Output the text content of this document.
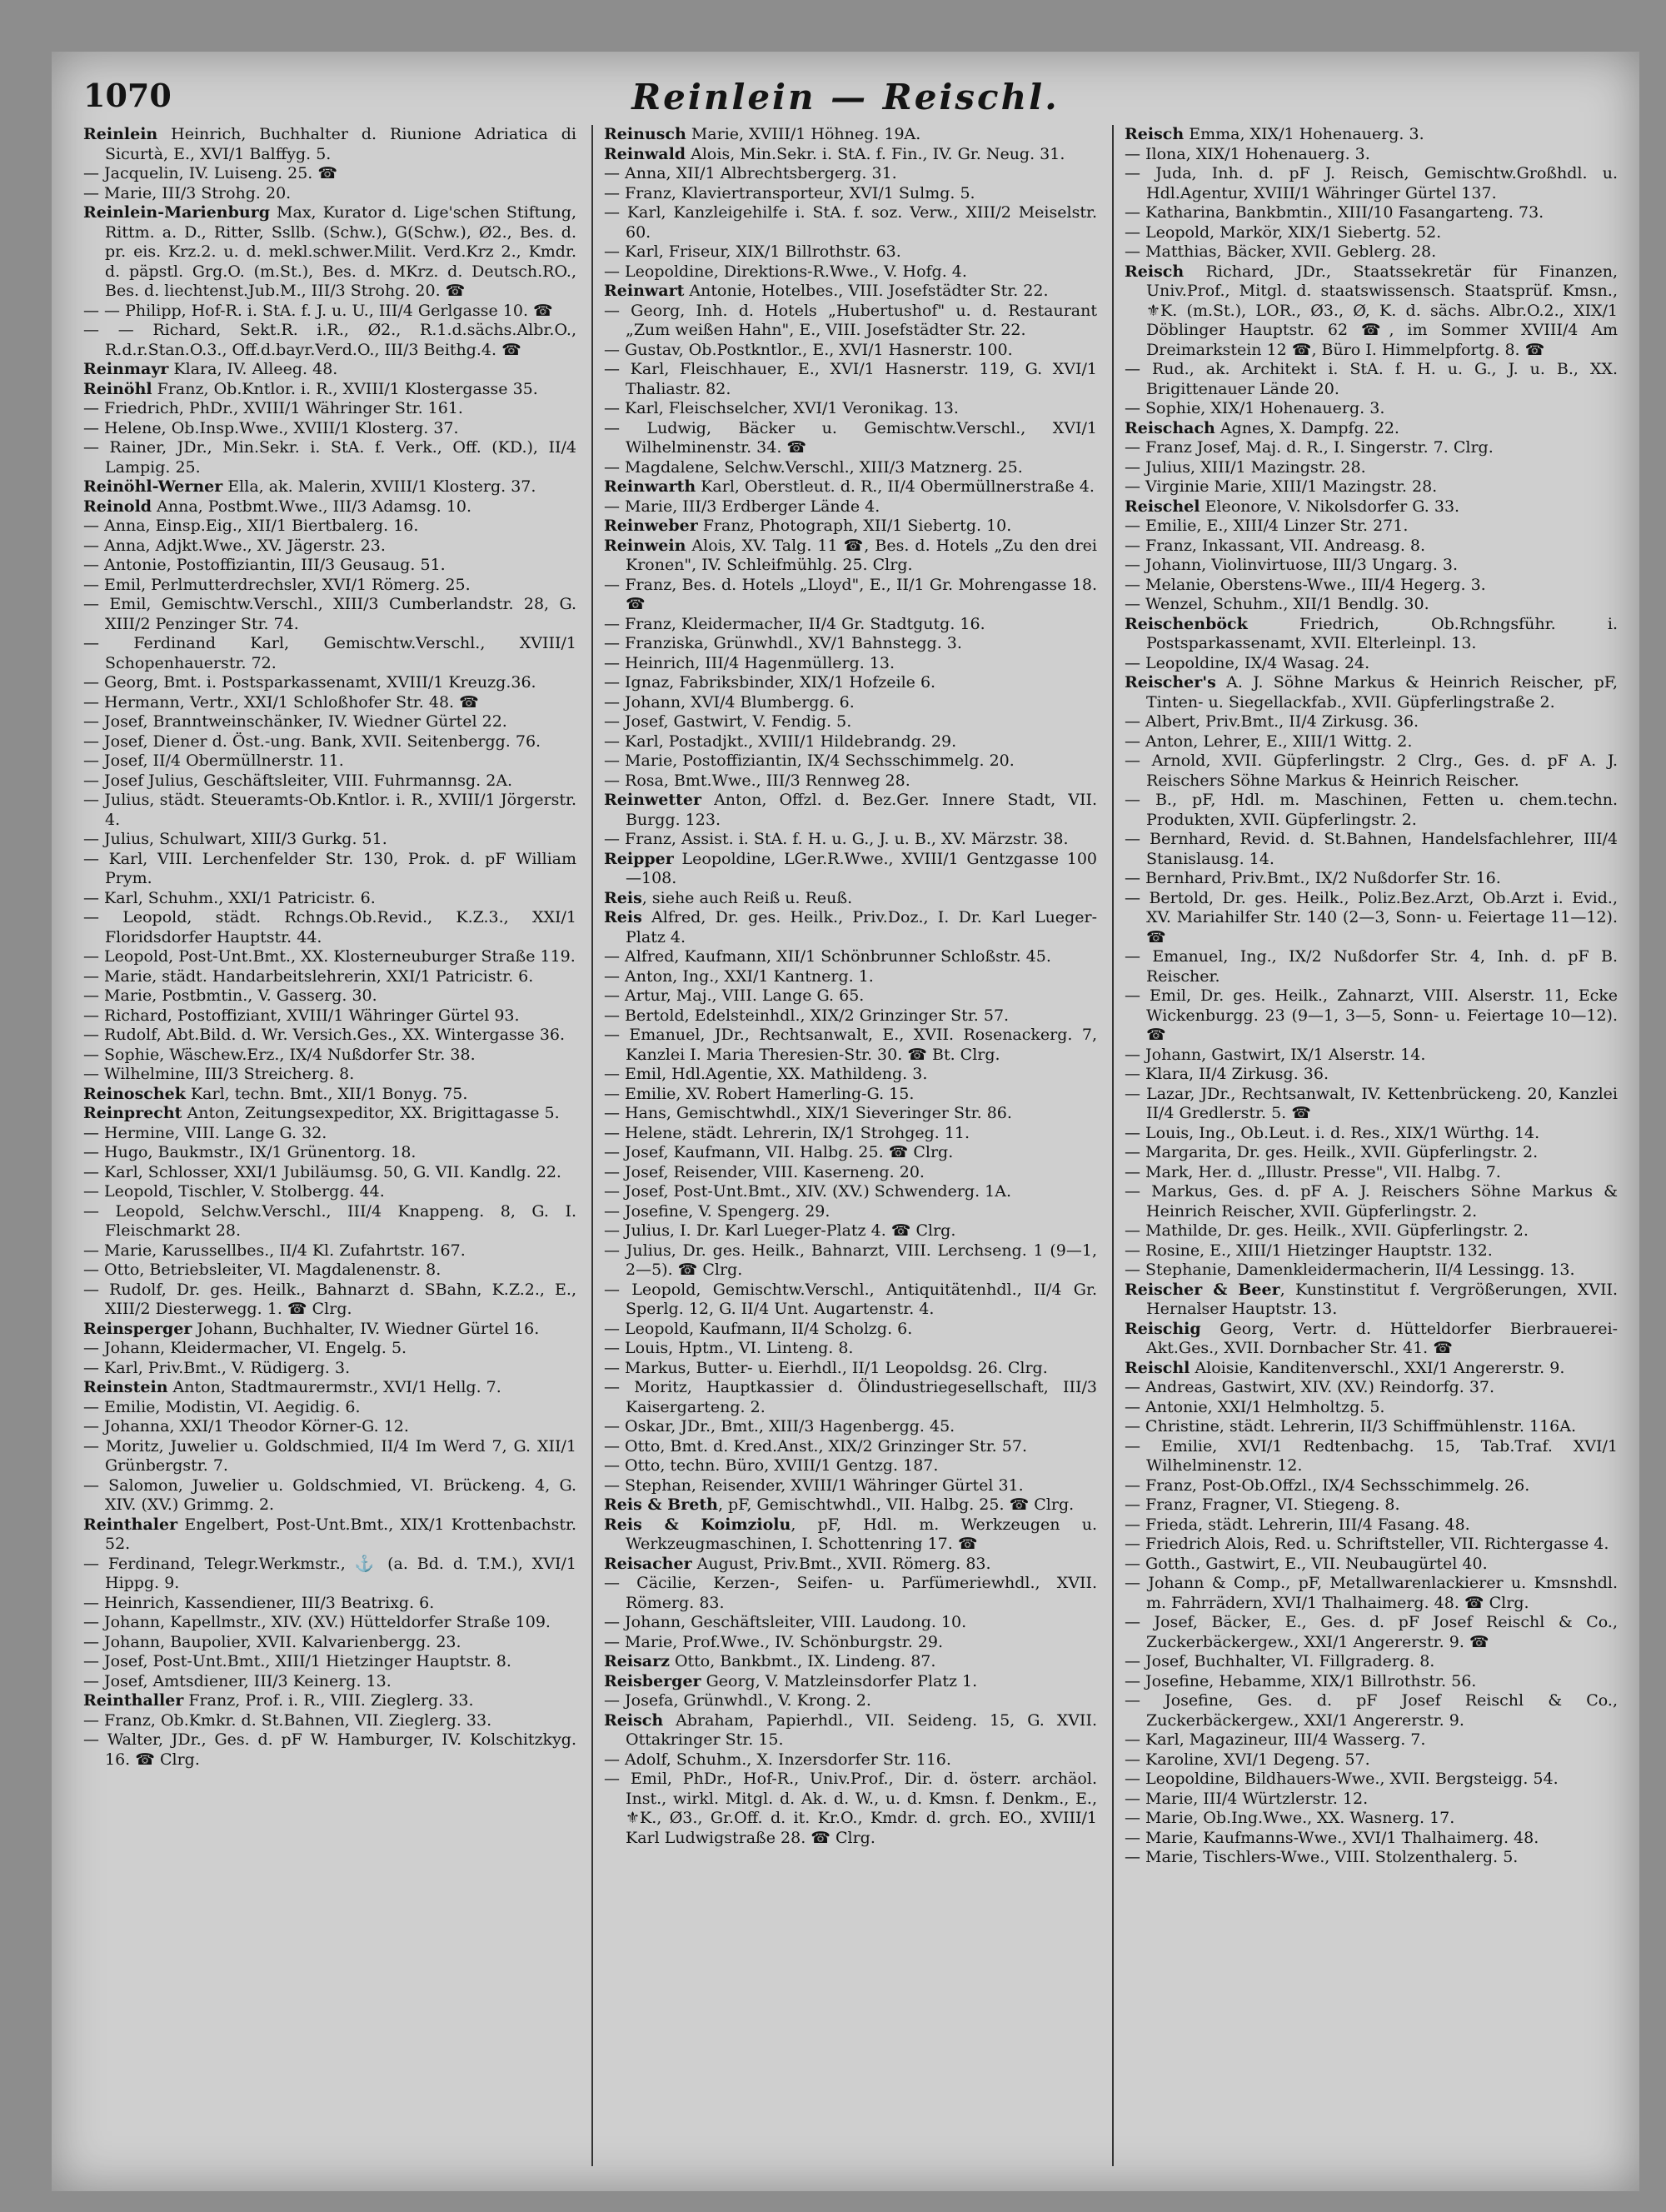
1070	Reinlein — Reischl.

Reinlein Heinrich, Buchhalter d. Riunione Adriatica di Sicurtà, E., XVI/1 Balffyg. 5.

— Jacquelin, IV. Luiseng. 25. ☎

— Marie, III/3 Strohg. 20.

Reinlein-Marienburg Max, Kurator d. Lige'schen Stiftung, Rittm. a. D., Ritter, Ssllb. (Schw.), G(Schw.), Ø2., Bes. d. pr. eis. Krz.2. u. d. mekl.schwer.Milit. Verd.Krz 2., Kmdr. d. päpstl. Grg.O. (m.St.), Bes. d. MKrz. d. Deutsch.RO., Bes. d. liechtenst.Jub.M., III/3 Strohg. 20. ☎

— — Philipp, Hof-R. i. StA. f. J. u. U., III/4 Gerlgasse 10. ☎

— — Richard, Sekt.R. i.R., Ø2., R.1.d.sächs.Albr.O., R.d.r.Stan.O.3., Off.d.bayr.Verd.O., III/3 Beithg.4. ☎

Reinmayr Klara, IV. Alleeg. 48.

Reinöhl Franz, Ob.Kntlor. i. R., XVIII/1 Klostergasse 35.

— Friedrich, PhDr., XVIII/1 Währinger Str. 161.

— Helene, Ob.Insp.Wwe., XVIII/1 Klosterg. 37.

— Rainer, JDr., Min.Sekr. i. StA. f. Verk., Off. (KD.), II/4 Lampig. 25.

Reinöhl-Werner Ella, ak. Malerin, XVIII/1 Klosterg. 37.

Reinold Anna, Postbmt.Wwe., III/3 Adamsg. 10.

— Anna, Einsp.Eig., XII/1 Biertbalerg. 16.

— Anna, Adjkt.Wwe., XV. Jägerstr. 23.

— Antonie, Postoffiziantin, III/3 Geusaug. 51.

— Emil, Perlmutterdrechsler, XVI/1 Römerg. 25.

— Emil, Gemischtw.Verschl., XIII/3 Cumberlandstr. 28, G. XIII/2 Penzinger Str. 74.

— Ferdinand Karl, Gemischtw.Verschl., XVIII/1 Schopenhauerstr. 72.

— Georg, Bmt. i. Postsparkassenamt, XVIII/1 Kreuzg.36.

— Hermann, Vertr., XXI/1 Schloßhofer Str. 48. ☎

— Josef, Branntweinschänker, IV. Wiedner Gürtel 22.

— Josef, Diener d. Öst.-ung. Bank, XVII. Seitenbergg. 76.

— Josef, II/4 Obermüllnerstr. 11.

— Josef Julius, Geschäftsleiter, VIII. Fuhrmannsg. 2A.

— Julius, städt. Steueramts-Ob.Kntlor. i. R., XVIII/1 Jörgerstr. 4.

— Julius, Schulwart, XIII/3 Gurkg. 51.

— Karl, VIII. Lerchenfelder Str. 130, Prok. d. pF William Prym.

— Karl, Schuhm., XXI/1 Patricistr. 6.

— Leopold, städt. Rchngs.Ob.Revid., K.Z.3., XXI/1 Floridsdorfer Hauptstr. 44.

— Leopold, Post-Unt.Bmt., XX. Klosterneuburger Straße 119.

— Marie, städt. Handarbeitslehrerin, XXI/1 Patricistr. 6.

— Marie, Postbmtin., V. Gasserg. 30.

— Richard, Postoffiziant, XVIII/1 Währinger Gürtel 93.

— Rudolf, Abt.Bild. d. Wr. Versich.Ges., XX. Wintergasse 36.

— Sophie, Wäschew.Erz., IX/4 Nußdorfer Str. 38.

— Wilhelmine, III/3 Streicherg. 8.

Reinoschek Karl, techn. Bmt., XII/1 Bonyg. 75.

Reinprecht Anton, Zeitungsexpeditor, XX. Brigittagasse 5.

— Hermine, VIII. Lange G. 32.

— Hugo, Baukmstr., IX/1 Grünentorg. 18.

— Karl, Schlosser, XXI/1 Jubiläumsg. 50, G. VII. Kandlg. 22.

— Leopold, Tischler, V. Stolbergg. 44.

— Leopold, Selchw.Verschl., III/4 Knappeng. 8, G. I. Fleischmarkt 28.

— Marie, Karussellbes., II/4 Kl. Zufahrtstr. 167.

— Otto, Betriebsleiter, VI. Magdalenenstr. 8.

— Rudolf, Dr. ges. Heilk., Bahnarzt d. SBahn, K.Z.2., E., XIII/2 Diesterwegg. 1. ☎ Clrg.

Reinsperger Johann, Buchhalter, IV. Wiedner Gürtel 16.

— Johann, Kleidermacher, VI. Engelg. 5.

— Karl, Priv.Bmt., V. Rüdigerg. 3.

Reinstein Anton, Stadtmaurermstr., XVI/1 Hellg. 7.

— Emilie, Modistin, VI. Aegidig. 6.

— Johanna, XXI/1 Theodor Körner-G. 12.

— Moritz, Juwelier u. Goldschmied, II/4 Im Werd 7, G. XII/1 Grünbergstr. 7.

— Salomon, Juwelier u. Goldschmied, VI. Brückeng. 4, G. XIV. (XV.) Grimmg. 2.

Reinthaler Engelbert, Post-Unt.Bmt., XIX/1 Krottenbachstr. 52.

— Ferdinand, Telegr.Werkmstr., ⚓ (a. Bd. d. T.M.), XVI/1 Hippg. 9.

— Heinrich, Kassendiener, III/3 Beatrixg. 6.

— Johann, Kapellmstr., XIV. (XV.) Hütteldorfer Straße 109.

— Johann, Baupolier, XVII. Kalvarienbergg. 23.

— Josef, Post-Unt.Bmt., XIII/1 Hietzinger Hauptstr. 8.

— Josef, Amtsdiener, III/3 Keinerg. 13.

Reinthaller Franz, Prof. i. R., VIII. Zieglerg. 33.

— Franz, Ob.Kmkr. d. St.Bahnen, VII. Zieglerg. 33.

— Walter, JDr., Ges. d. pF W. Hamburger, IV. Kolschitzkyg. 16. ☎ Clrg.

Reinusch Marie, XVIII/1 Höhneg. 19A.

Reinwald Alois, Min.Sekr. i. StA. f. Fin., IV. Gr. Neug. 31.

— Anna, XII/1 Albrechtsbergerg. 31.

— Franz, Klaviertransporteur, XVI/1 Sulmg. 5.

— Karl, Kanzleigehilfe i. StA. f. soz. Verw., XIII/2 Meiselstr. 60.

— Karl, Friseur, XIX/1 Billrothstr. 63.

— Leopoldine, Direktions-R.Wwe., V. Hofg. 4.

Reinwart Antonie, Hotelbes., VIII. Josefstädter Str. 22.

— Georg, Inh. d. Hotels „Hubertushof" u. d. Restaurant „Zum weißen Hahn", E., VIII. Josefstädter Str. 22.

— Gustav, Ob.Postkntlor., E., XVI/1 Hasnerstr. 100.

— Karl, Fleischhauer, E., XVI/1 Hasnerstr. 119, G. XVI/1 Thaliastr. 82.

— Karl, Fleischselcher, XVI/1 Veronikag. 13.

— Ludwig, Bäcker u. Gemischtw.Verschl., XVI/1 Wilhelminenstr. 34. ☎

— Magdalene, Selchw.Verschl., XIII/3 Matznerg. 25.

Reinwarth Karl, Oberstleut. d. R., II/4 Obermüllnerstraße 4.

— Marie, III/3 Erdberger Lände 4.

Reinweber Franz, Photograph, XII/1 Siebertg. 10.

Reinwein Alois, XV. Talg. 11 ☎, Bes. d. Hotels „Zu den drei Kronen", IV. Schleifmühlg. 25. Clrg.

— Franz, Bes. d. Hotels „Lloyd", E., II/1 Gr. Mohrengasse 18. ☎

— Franz, Kleidermacher, II/4 Gr. Stadtgutg. 16.

— Franziska, Grünwhdl., XV/1 Bahnstegg. 3.

— Heinrich, III/4 Hagenmüllerg. 13.

— Ignaz, Fabriksbinder, XIX/1 Hofzeile 6.

— Johann, XVI/4 Blumbergg. 6.

— Josef, Gastwirt, V. Fendig. 5.

— Karl, Postadjkt., XVIII/1 Hildebrandg. 29.

— Marie, Postoffiziantin, IX/4 Sechsschimmelg. 20.

— Rosa, Bmt.Wwe., III/3 Rennweg 28.

Reinwetter Anton, Offzl. d. Bez.Ger. Innere Stadt, VII. Burgg. 123.

— Franz, Assist. i. StA. f. H. u. G., J. u. B., XV. Märzstr. 38.

Reipper Leopoldine, LGer.R.Wwe., XVIII/1 Gentzgasse 100—108.

Reis, siehe auch Reiß u. Reuß.

Reis Alfred, Dr. ges. Heilk., Priv.Doz., I. Dr. Karl Lueger-Platz 4.

— Alfred, Kaufmann, XII/1 Schönbrunner Schloßstr. 45.

— Anton, Ing., XXI/1 Kantnerg. 1.

— Artur, Maj., VIII. Lange G. 65.

— Bertold, Edelsteinhdl., XIX/2 Grinzinger Str. 57.

— Emanuel, JDr., Rechtsanwalt, E., XVII. Rosenackerg. 7, Kanzlei I. Maria Theresien-Str. 30. ☎ Bt. Clrg.

— Emil, Hdl.Agentie, XX. Mathildeng. 3.

— Emilie, XV. Robert Hamerling-G. 15.

— Hans, Gemischtwhdl., XIX/1 Sieveringer Str. 86.

— Helene, städt. Lehrerin, IX/1 Strohgeg. 11.

— Josef, Kaufmann, VII. Halbg. 25. ☎ Clrg.

— Josef, Reisender, VIII. Kaserneng. 20.

— Josef, Post-Unt.Bmt., XIV. (XV.) Schwenderg. 1A.

— Josefine, V. Spengerg. 29.

— Julius, I. Dr. Karl Lueger-Platz 4. ☎ Clrg.

— Julius, Dr. ges. Heilk., Bahnarzt, VIII. Lerchseng. 1 (9—1, 2—5). ☎ Clrg.

— Leopold, Gemischtw.Verschl., Antiquitätenhdl., II/4 Gr. Sperlg. 12, G. II/4 Unt. Augartenstr. 4.

— Leopold, Kaufmann, II/4 Scholzg. 6.

— Louis, Hptm., VI. Linteng. 8.

— Markus, Butter- u. Eierhdl., II/1 Leopoldsg. 26. Clrg.

— Moritz, Hauptkassier d. Ölindustriegesellschaft, III/3 Kaisergarteng. 2.

— Oskar, JDr., Bmt., XIII/3 Hagenbergg. 45.

— Otto, Bmt. d. Kred.Anst., XIX/2 Grinzinger Str. 57.

— Otto, techn. Büro, XVIII/1 Gentzg. 187.

— Stephan, Reisender, XVIII/1 Währinger Gürtel 31.

Reis & Breth, pF, Gemischtwhdl., VII. Halbg. 25. ☎ Clrg.

Reis & Koimziolu, pF, Hdl. m. Werkzeugen u. Werkzeugmaschinen, I. Schottenring 17. ☎

Reisacher August, Priv.Bmt., XVII. Römerg. 83.

— Cäcilie, Kerzen-, Seifen- u. Parfümeriewhdl., XVII. Römerg. 83.

— Johann, Geschäftsleiter, VIII. Laudong. 10.

— Marie, Prof.Wwe., IV. Schönburgstr. 29.

Reisarz Otto, Bankbmt., IX. Lindeng. 87.

Reisberger Georg, V. Matzleinsdorfer Platz 1.

— Josefa, Grünwhdl., V. Krong. 2.

Reisch Abraham, Papierhdl., VII. Seideng. 15, G. XVII. Ottakringer Str. 15.

— Adolf, Schuhm., X. Inzersdorfer Str. 116.

— Emil, PhDr., Hof-R., Univ.Prof., Dir. d. österr. archäol. Inst., wirkl. Mitgl. d. Ak. d. W., u. d. Kmsn. f. Denkm., E., ⚜K., Ø3., Gr.Off. d. it. Kr.O., Kmdr. d. grch. EO., XVIII/1 Karl Ludwigstraße 28. ☎ Clrg.

Reisch Emma, XIX/1 Hohenauerg. 3.

— Ilona, XIX/1 Hohenauerg. 3.

— Juda, Inh. d. pF J. Reisch, Gemischtw.Großhdl. u. Hdl.Agentur, XVIII/1 Währinger Gürtel 137.

— Katharina, Bankbmtin., XIII/10 Fasangarteng. 73.

— Leopold, Markör, XIX/1 Siebertg. 52.

— Matthias, Bäcker, XVII. Geblerg. 28.

Reisch Richard, JDr., Staatssekretär für Finanzen, Univ.Prof., Mitgl. d. staatswissensch. Staatsprüf. Kmsn., ⚜K. (m.St.), LOR., Ø3., Ø, K. d. sächs. Albr.O.2., XIX/1 Döblinger Hauptstr. 62 ☎, im Sommer XVIII/4 Am Dreimarkstein 12 ☎, Büro I. Himmelpfortg. 8. ☎

— Rud., ak. Architekt i. StA. f. H. u. G., J. u. B., XX. Brigittenauer Lände 20.

— Sophie, XIX/1 Hohenauerg. 3.

Reischach Agnes, X. Dampfg. 22.

— Franz Josef, Maj. d. R., I. Singerstr. 7. Clrg.

— Julius, XIII/1 Mazingstr. 28.

— Virginie Marie, XIII/1 Mazingstr. 28.

Reischel Eleonore, V. Nikolsdorfer G. 33.

— Emilie, E., XIII/4 Linzer Str. 271.

— Franz, Inkassant, VII. Andreasg. 8.

— Johann, Violinvirtuose, III/3 Ungarg. 3.

— Melanie, Oberstens-Wwe., III/4 Hegerg. 3.

— Wenzel, Schuhm., XII/1 Bendlg. 30.

Reischenböck Friedrich, Ob.Rchngsführ. i. Postsparkassenamt, XVII. Elterleinpl. 13.

— Leopoldine, IX/4 Wasag. 24.

Reischer's A. J. Söhne Markus & Heinrich Reischer, pF, Tinten- u. Siegellackfab., XVII. Güpferlingstraße 2.

— Albert, Priv.Bmt., II/4 Zirkusg. 36.

— Anton, Lehrer, E., XIII/1 Wittg. 2.

— Arnold, XVII. Güpferlingstr. 2 Clrg., Ges. d. pF A. J. Reischers Söhne Markus & Heinrich Reischer.

— B., pF, Hdl. m. Maschinen, Fetten u. chem.techn. Produkten, XVII. Güpferlingstr. 2.

— Bernhard, Revid. d. St.Bahnen, Handelsfachlehrer, III/4 Stanislausg. 14.

— Bernhard, Priv.Bmt., IX/2 Nußdorfer Str. 16.

— Bertold, Dr. ges. Heilk., Poliz.Bez.Arzt, Ob.Arzt i. Evid., XV. Mariahilfer Str. 140 (2—3, Sonn- u. Feiertage 11—12). ☎

— Emanuel, Ing., IX/2 Nußdorfer Str. 4, Inh. d. pF B. Reischer.

— Emil, Dr. ges. Heilk., Zahnarzt, VIII. Alserstr. 11, Ecke Wickenburgg. 23 (9—1, 3—5, Sonn- u. Feiertage 10—12). ☎

— Johann, Gastwirt, IX/1 Alserstr. 14.

— Klara, II/4 Zirkusg. 36.

— Lazar, JDr., Rechtsanwalt, IV. Kettenbrückeng. 20, Kanzlei II/4 Gredlerstr. 5. ☎

— Louis, Ing., Ob.Leut. i. d. Res., XIX/1 Würthg. 14.

— Margarita, Dr. ges. Heilk., XVII. Güpferlingstr. 2.

— Mark, Her. d. „Illustr. Presse", VII. Halbg. 7.

— Markus, Ges. d. pF A. J. Reischers Söhne Markus & Heinrich Reischer, XVII. Güpferlingstr. 2.

— Mathilde, Dr. ges. Heilk., XVII. Güpferlingstr. 2.

— Rosine, E., XIII/1 Hietzinger Hauptstr. 132.

— Stephanie, Damenkleidermacherin, II/4 Lessingg. 13.

Reischer & Beer, Kunstinstitut f. Vergrößerungen, XVII. Hernalser Hauptstr. 13.

Reischig Georg, Vertr. d. Hütteldorfer Bierbrauerei-Akt.Ges., XVII. Dornbacher Str. 41. ☎

Reischl Aloisie, Kanditenverschl., XXI/1 Angererstr. 9.

— Andreas, Gastwirt, XIV. (XV.) Reindorfg. 37.

— Antonie, XXI/1 Helmholtzg. 5.

— Christine, städt. Lehrerin, II/3 Schiffmühlenstr. 116A.

— Emilie, XVI/1 Redtenbachg. 15, Tab.Traf. XVI/1 Wilhelminenstr. 12.

— Franz, Post-Ob.Offzl., IX/4 Sechsschimmelg. 26.

— Franz, Fragner, VI. Stiegeng. 8.

— Frieda, städt. Lehrerin, III/4 Fasang. 48.

— Friedrich Alois, Red. u. Schriftsteller, VII. Richtergasse 4.

— Gotth., Gastwirt, E., VII. Neubaugürtel 40.

— Johann & Comp., pF, Metallwarenlackierer u. Kmsnshdl. m. Fahrrädern, XVI/1 Thalhaimerg. 48. ☎ Clrg.

— Josef, Bäcker, E., Ges. d. pF Josef Reischl & Co., Zuckerbäckergew., XXI/1 Angererstr. 9. ☎

— Josef, Buchhalter, VI. Fillgraderg. 8.

— Josefine, Hebamme, XIX/1 Billrothstr. 56.

— Josefine, Ges. d. pF Josef Reischl & Co., Zuckerbäckergew., XXI/1 Angererstr. 9.

— Karl, Magazineur, III/4 Wasserg. 7.

— Karoline, XVI/1 Degeng. 57.

— Leopoldine, Bildhauers-Wwe., XVII. Bergsteigg. 54.

— Marie, III/4 Würtzlerstr. 12.

— Marie, Ob.Ing.Wwe., XX. Wasnerg. 17.

— Marie, Kaufmanns-Wwe., XVI/1 Thalhaimerg. 48.

— Marie, Tischlers-Wwe., VIII. Stolzenthalerg. 5.
